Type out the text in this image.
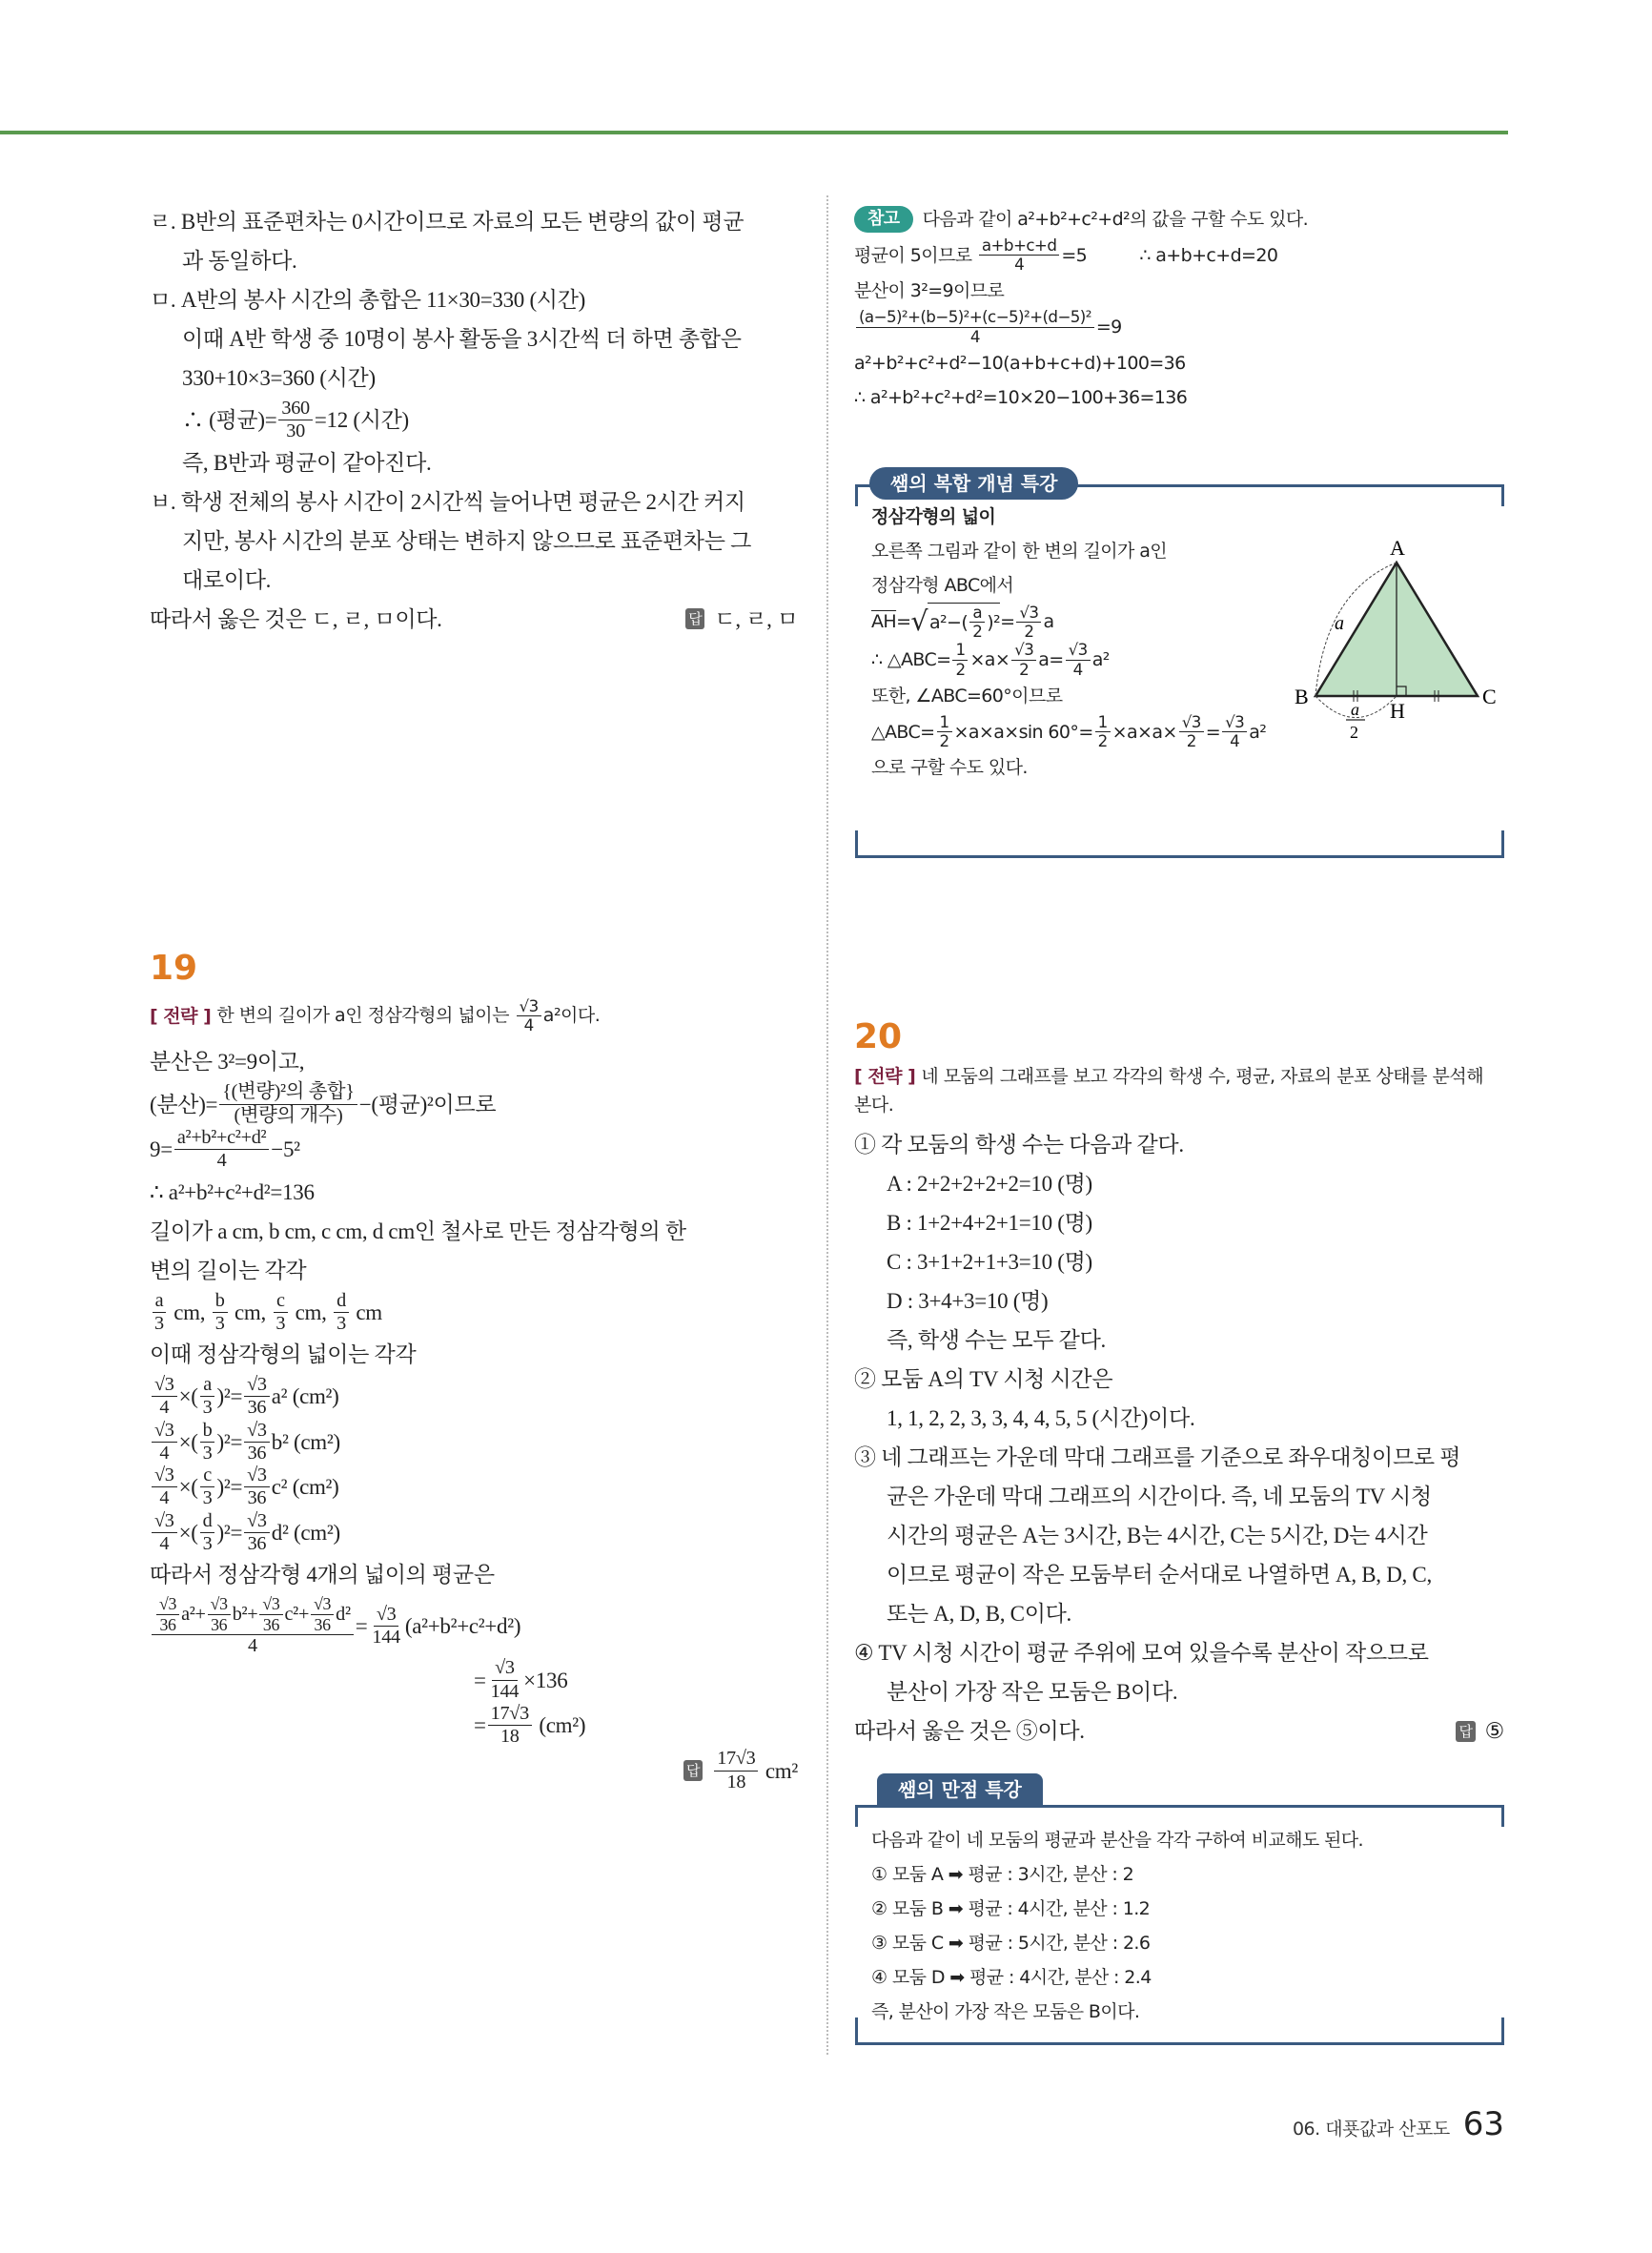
ㄹ. B반의 표준편차는 0시간이므로 자료의 모든 변량의 값이 평균
과 동일하다.
ㅁ. A반의 봉사 시간의 총합은 11×30=330 (시간)
이때 A반 학생 중 10명이 봉사 활동을 3시간씩 더 하면 총합은
330+10×3=360 (시간)
∴ (평균)=
360
30 =12 (시간)
즉, B반과 평균이 같아진다.
ㅂ. 학생 전체의 봉사 시간이 2시간씩 늘어나면 평균은 2시간 커지
지만, 봉사 시간의 분포 상태는 변하지 않으므로 표준편차는 그
대로이다.
따라서 옳은 것은 ㄷ, ㄹ, ㅁ이다.	답 ㄷ, ㄹ, ㅁ
19
[ 전략 ] 한 변의 길이가 a인 정삼각형의 넓이는 $\frac{√3}{4} a^2$이다.
분산은 3²=9이고,
(분산)=
{(변량)²의 총합}
(변량의 개수) −(평균)²이므로
9=
a²+b²+c²+d²
4 −5²
∴ a²+b²+c²+d²=136
길이가 a cm, b cm, c cm, d cm인 철사로 만든 정삼각형의 한
변의 길이는 각각
a
3 cm,
b
3 cm,
c
3 cm,
d
3 cm
이때 정삼각형의 넓이는 각각
√3
4 ×(
a
3 )²=
√3
36 a² (cm²)
√3
4 ×(
b
3 )²=
√3
36 b² (cm²)
√3
4 ×(
c
3 )²=
√3
36 c² (cm²)
√3
4 ×(
d
3 )²=
√3
36 d² (cm²)
따라서 정삼각형 4개의 넓이의 평균은
$\frac{√3}{36} a^2+ \frac{√3}{36} b^2+ \frac{√3}{36} c^2+ \frac{√3}{36} d^2$
4
=
√3
144 (a²+b²+c²+d²)
=
√3
144 ×136
=
17√3
18 (cm²)
답 $\frac{17√3}{18} cm^2$
참고	다음과 같이 a²+b²+c²+d²의 값을 구할 수도 있다.
평균이 5이므로 a+b+c+d
4 =5　　　∴ a+b+c+d=20
분산이 3²=9이므로
(a−5)²+(b−5)²+(c−5)²+(d−5)²
4	=9
a²+b²+c²+d²−10(a+b+c+d)+100=36
∴ a²+b²+c²+d²=10×20−100+36=136
쌤의 복합 개념 특강
정삼각형의 넓이
오른쪽 그림과 같이 한 변의 길이가 a인
정삼각형 ABC에서
$\overline{AH}$ = √ $a^2-( \frac{a}{2} )^2 = √3$
2 a
∴ △ABC= 1
2 ×a× √3
2 a= √3
4 a²
또한, ∠ABC=60°이므로
△ABC= 1
2 ×a×a×sin 60°= 1
2 ×a×a× √3
2 = √3
4 a²
으로 구할 수도 있다.
A
B	C
H
a
a
2
20
[ 전략 ] 네 모둠의 그래프를 보고 각각의 학생 수, 평균, 자료의 분포 상태를 분석해
본다.
① 각 모둠의 학생 수는 다음과 같다.
A : 2+2+2+2+2=10 (명)
B : 1+2+4+2+1=10 (명)
C : 3+1+2+1+3=10 (명)
D : 3+4+3=10 (명)
즉, 학생 수는 모두 같다.
② 모둠 A의 TV 시청 시간은
1, 1, 2, 2, 3, 3, 4, 4, 5, 5 (시간)이다.
③ 네 그래프는 가운데 막대 그래프를 기준으로 좌우대칭이므로 평
균은 가운데 막대 그래프의 시간이다. 즉, 네 모둠의 TV 시청
시간의 평균은 A는 3시간, B는 4시간, C는 5시간, D는 4시간
이므로 평균이 작은 모둠부터 순서대로 나열하면 A, B, D, C,
또는 A, D, B, C이다.
④ TV 시청 시간이 평균 주위에 모여 있을수록 분산이 작으므로
분산이 가장 작은 모둠은 B이다.
따라서 옳은 것은 ⑤이다.	답 ⑤
쌤의 만점 특강
다음과 같이 네 모둠의 평균과 분산을 각각 구하여 비교해도 된다.
① 모둠 A ➡ 평균 : 3시간, 분산 : 2
② 모둠 B ➡ 평균 : 4시간, 분산 : 1.2
③ 모둠 C ➡ 평균 : 5시간, 분산 : 2.6
④ 모둠 D ➡ 평균 : 4시간, 분산 : 2.4
즉, 분산이 가장 작은 모둠은 B이다.
06. 대푯값과 산포도 63
